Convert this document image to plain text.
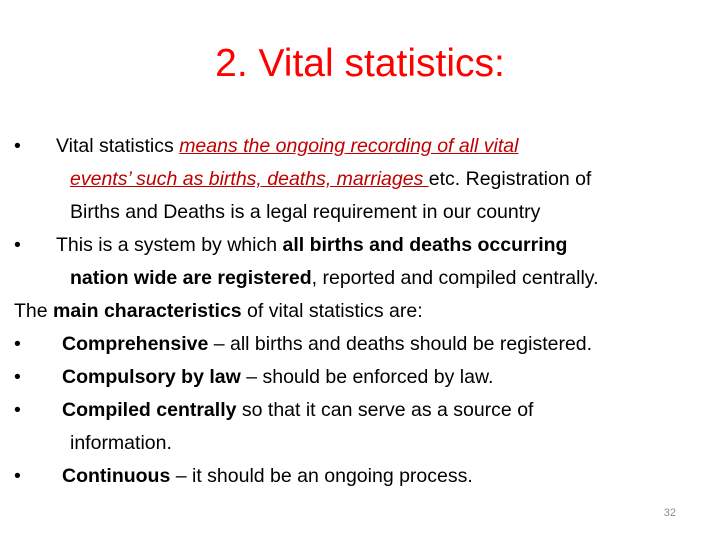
2. Vital statistics:
• Vital statistics means the ongoing recording of all vital
events’ such as births, deaths, marriages etc. Registration of
Births and Deaths is a legal requirement in our country
• This is a system by which all births and deaths occurring
nation wide are registered, reported and compiled centrally.
The main characteristics of vital statistics are:
• Comprehensive – all births and deaths should be registered.
• Compulsory by law – should be enforced by law.
• Compiled centrally so that it can serve as a source of
information.
• Continuous – it should be an ongoing process.
32
